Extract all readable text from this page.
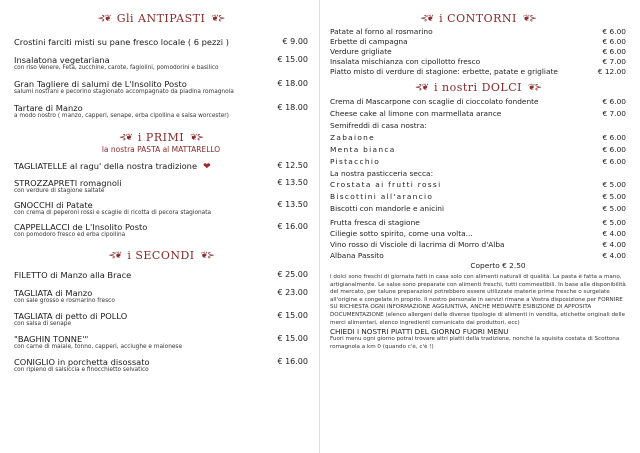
⊰❦ Gli ANTIPASTI ❦⊱
Crostini farciti misti su pane fresco locale ( 6 pezzi )	€ 9.00
Insalatona vegetariana
con riso Venere, Feta, zucchine, carote, fagiolini, pomodorini e basilico
€ 15.00
Gran Tagliere di salumi de L'Insolito Posto
salumi nostrani e pecorino stagionato accompagnato da piadina romagnola
€ 18.00
Tartare di Manzo
a modo nostro ( manzo, capperi, senape, erba cipollina e salsa worcester)
€ 18.00
⊰❦ i PRIMI ❦⊱
la nostra PASTA al MATTARELLO
TAGLIATELLE al ragu' della nostra tradizione ❤	€ 12.50
STROZZAPRETI romagnoli
con verdure di stagione saltate
€ 13.50
GNOCCHI di Patate
con crema di peperoni rossi e scaglie di ricotta di pecora stagionata
€ 13.50
CAPPELLACCI de L'Insolito Posto
con pomodoro fresco ed erba cipollina
€ 16.00
⊰❦ i SECONDI ❦⊱
FILETTO di Manzo alla Brace	€ 25.00
TAGLIATA di Manzo
con sale grosso e rosmarino fresco
€ 23.00
TAGLIATA di petto di POLLO
con salsa di senape
€ 15.00
"BAGHIN TONNE'"
con carne di maiale, tonno, capperi, acciughe e maionese
€ 15.00
CONIGLIO in porchetta disossato
con ripieno di salsiccia e finocchietto selvatico
€ 16.00
⊰❦ i CONTORNI ❦⊱
Patate al forno al rosmarino	€ 6.00
Erbette di campagna	€ 6.00
Verdure grigliate	€ 6.00
Insalata mischianza con cipollotto fresco	€ 7.00
Piatto misto di verdure di stagione: erbette, patate e grigliate	€ 12.00
⊰❦ i nostri DOLCI ❦⊱
Crema di Mascarpone con scaglie di cioccolato fondente	€ 6.00
Cheese cake al limone con marmellata arance	€ 7.00
Semifreddi di casa nostra:
Zabaione	€ 6.00
Menta bianca	€ 6.00
Pistacchio	€ 6.00
La nostra pasticceria secca:
Crostata ai frutti rossi	€ 5.00
Biscottini all'arancio	€ 5.00
Biscotti con mandorle e anicini	€ 5.00
Frutta fresca di stagione	€ 5.00
Ciliegie sotto spirito, come una volta...	€ 4.00
Vino rosso di Visciole di lacrima di Morro d'Alba	€ 4.00
Albana Passito	€ 4.00
Coperto € 2.50
I dolci sono freschi di giornata fatti in casa solo con alimenti naturali di qualità. La pasta è fatta a mano, artigianalmente. Le salse sono preparate con alimenti freschi, tutti commestibili. In base alle disponibilità del mercato, per talune preparazioni potrebbero essere utilizzate materie prime fresche o surgelate all'origine e congelate in proprio. Il nostro personale in servizi rimane a Vostra disposizione per FORNIRE SU RICHIESTA OGNI INFORMAZIONE AGGIUNTIVA, ANCHE MEDIANTE ESIBIZIONE DI APPOSITA DOCUMENTAZIONE (elenco allergeni delle diverse tipologie di alimenti in vendita, etichette originali delle merci alimentari, elenco ingredienti comunicato dai produttori, ecc)
CHIEDI I NOSTRI PIATTI DEL GIORNO FUORI MENU
Fuori menu ogni giorno potrai trovare altri piatti della tradizione, nonché la squisita costata di Scottona romagnola a km 0 (quando c'è, c'è !)
